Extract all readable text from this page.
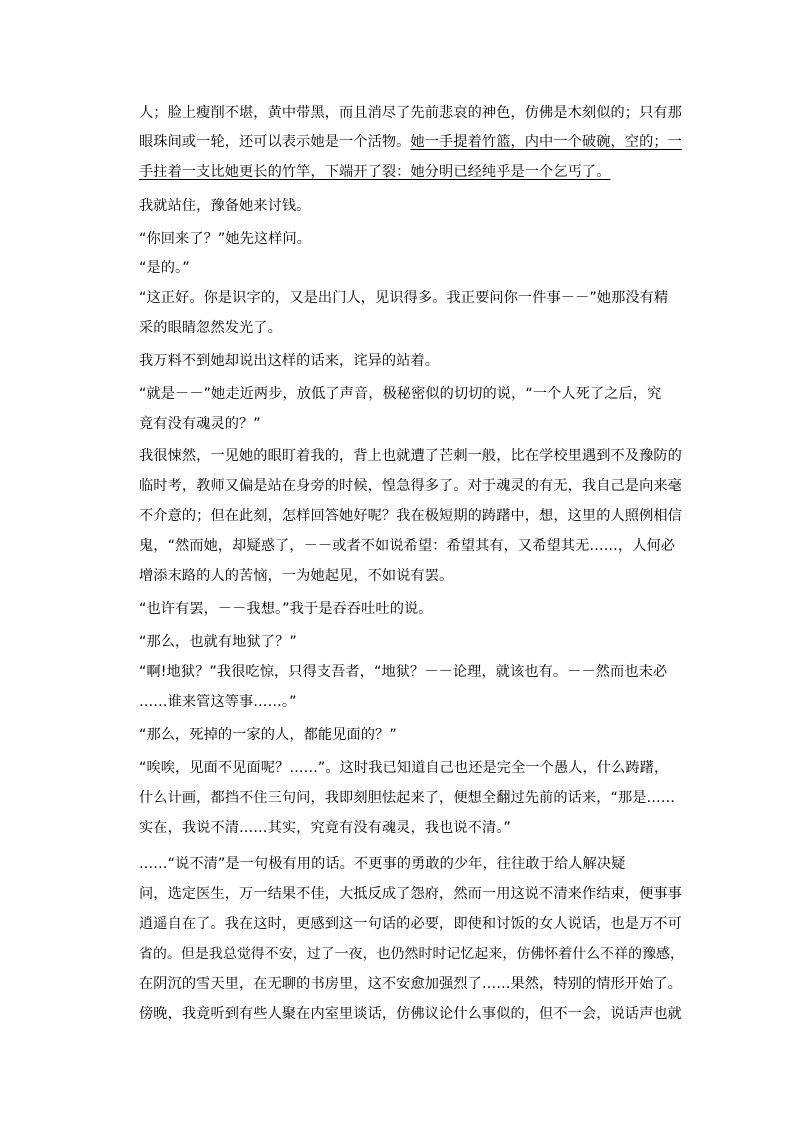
人；脸上瘦削不堪，黄中带黑，而且消尽了先前悲哀的神色，仿佛是木刻似的；只有那
眼珠间或一轮，还可以表示她是一个活物。她一手提着竹篮，内中一个破碗，空的；一
手拄着一支比她更长的竹竿，下端开了裂：她分明已经纯乎是一个乞丐了。
我就站住，豫备她来讨钱。
“你回来了？”她先这样问。
“是的。”
“这正好。你是识字的，又是出门人，见识得多。我正要问你一件事－－”她那没有精
采的眼睛忽然发光了。
我万料不到她却说出这样的话来，诧异的站着。
“就是－－”她走近两步，放低了声音，极秘密似的切切的说，“一个人死了之后，究
竟有没有魂灵的？”
我很悚然，一见她的眼盯着我的，背上也就遭了芒刺一般，比在学校里遇到不及豫防的
临时考，教师又偏是站在身旁的时候，惶急得多了。对于魂灵的有无，我自己是向来毫
不介意的；但在此刻，怎样回答她好呢？我在极短期的踌躇中，想，这里的人照例相信
鬼，“然而她，却疑惑了，－－或者不如说希望：希望其有，又希望其无……，人何必
增添末路的人的苦恼，一为她起见，不如说有罢。
“也许有罢，－－我想。”我于是吞吞吐吐的说。
“那么，也就有地狱了？”
“啊!地狱？”我很吃惊，只得支吾者，“地狱？－－论理，就该也有。－－然而也未必
……谁来管这等事……。”
“那么，死掉的一家的人，都能见面的？”
“唉唉，见面不见面呢？……”。这时我已知道自己也还是完全一个愚人，什么踌躇，
什么计画，都挡不住三句问，我即刻胆怯起来了，便想全翻过先前的话来，“那是……
实在，我说不清……其实，究竟有没有魂灵，我也说不清。”
……“说不清”是一句极有用的话。不更事的勇敢的少年，往往敢于给人解决疑
问，选定医生，万一结果不佳，大抵反成了怨府，然而一用这说不清来作结束，便事事
逍遥自在了。我在这时，更感到这一句话的必要，即使和讨饭的女人说话，也是万不可
省的。但是我总觉得不安，过了一夜，也仍然时时记忆起来，仿佛怀着什么不祥的豫感，
在阴沉的雪天里，在无聊的书房里，这不安愈加强烈了……果然，特别的情形开始了。
傍晚，我竟听到有些人聚在内室里谈话，仿佛议论什么事似的，但不一会，说话声也就
